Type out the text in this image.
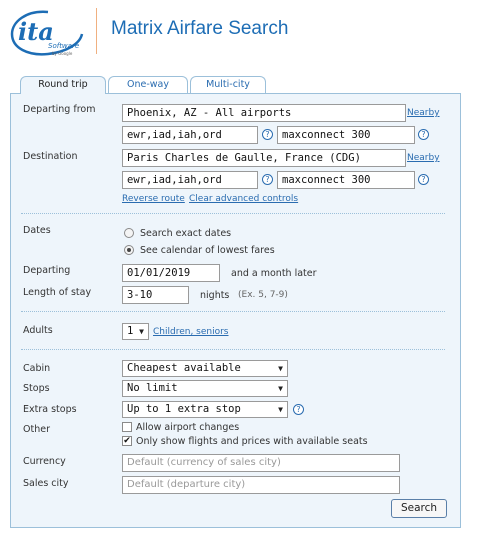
ita
Software
by Google
Matrix Airfare Search
Round trip	One-way	Multi-city
Departing from	Phoenix, AZ - All airports	Nearby
ewr,iad,iah,ord	?	maxconnect 300	?
Destination	Paris Charles de Gaulle, France (CDG)	Nearby
ewr,iad,iah,ord	?	maxconnect 300	?
Reverse route Clear advanced controls
Dates	Search exact dates
See calendar of lowest fares
Departing	01/01/2019	and a month later
Length of stay	3-10	nights (Ex. 5, 7-9)
Adults	1 ▼ Children, seniors
Cabin	Cheapest available	▼
Stops	No limit	▼
Extra stops	Up to 1 extra stop	▼	?
Other	Allow airport changes
✔ Only show flights and prices with available seats
Currency	Default (currency of sales city)
Sales city	Default (departure city)
Search
